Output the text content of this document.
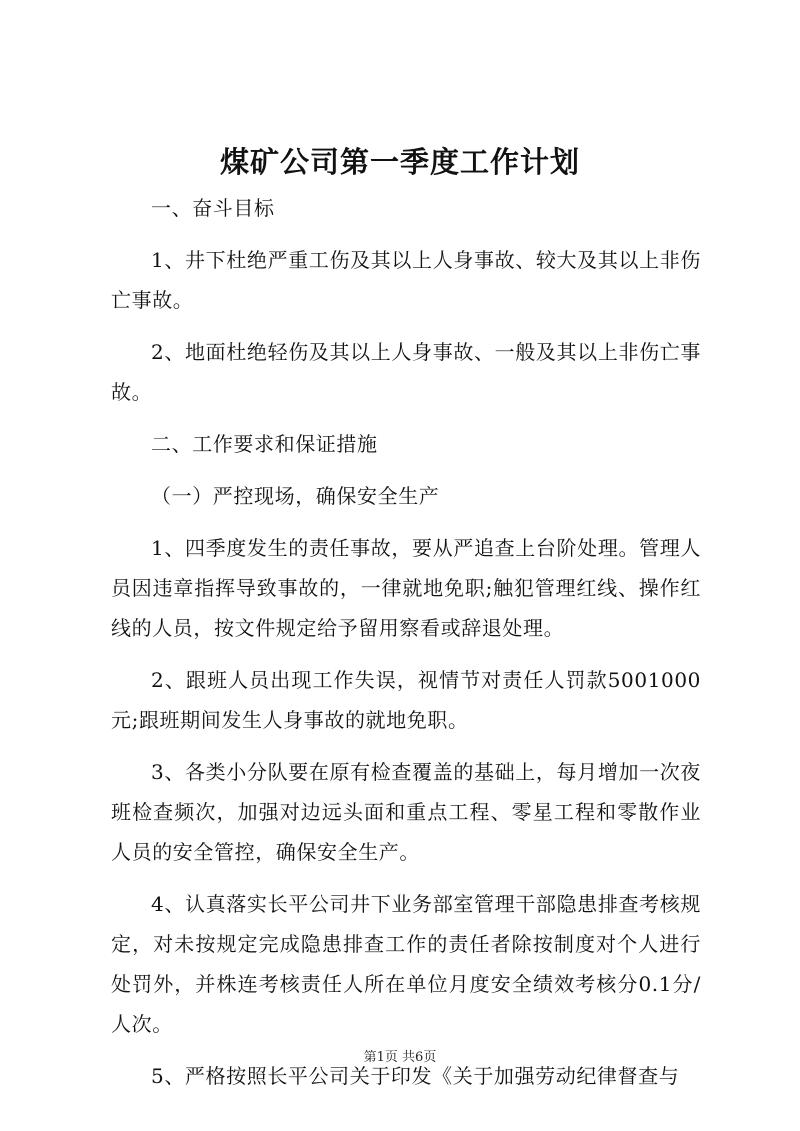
煤矿公司第一季度工作计划

一、奋斗目标

1、井下杜绝严重工伤及其以上人身事故、较大及其以上非伤亡事故。

2、地面杜绝轻伤及其以上人身事故、一般及其以上非伤亡事故。

二、工作要求和保证措施

（一）严控现场，确保安全生产

1、四季度发生的责任事故，要从严追查上台阶处理。管理人员因违章指挥导致事故的，一律就地免职;触犯管理红线、操作红线的人员，按文件规定给予留用察看或辞退处理。

2、跟班人员出现工作失误，视情节对责任人罚款5001000元;跟班期间发生人身事故的就地免职。

3、各类小分队要在原有检查覆盖的基础上，每月增加一次夜班检查频次，加强对边远头面和重点工程、零星工程和零散作业人员的安全管控，确保安全生产。

4、认真落实长平公司井下业务部室管理干部隐患排查考核规定，对未按规定完成隐患排查工作的责任者除按制度对个人进行处罚外，并株连考核责任人所在单位月度安全绩效考核分0.1分/人次。

5、严格按照长平公司关于印发《关于加强劳动纪律督查与

第1页 共6页
